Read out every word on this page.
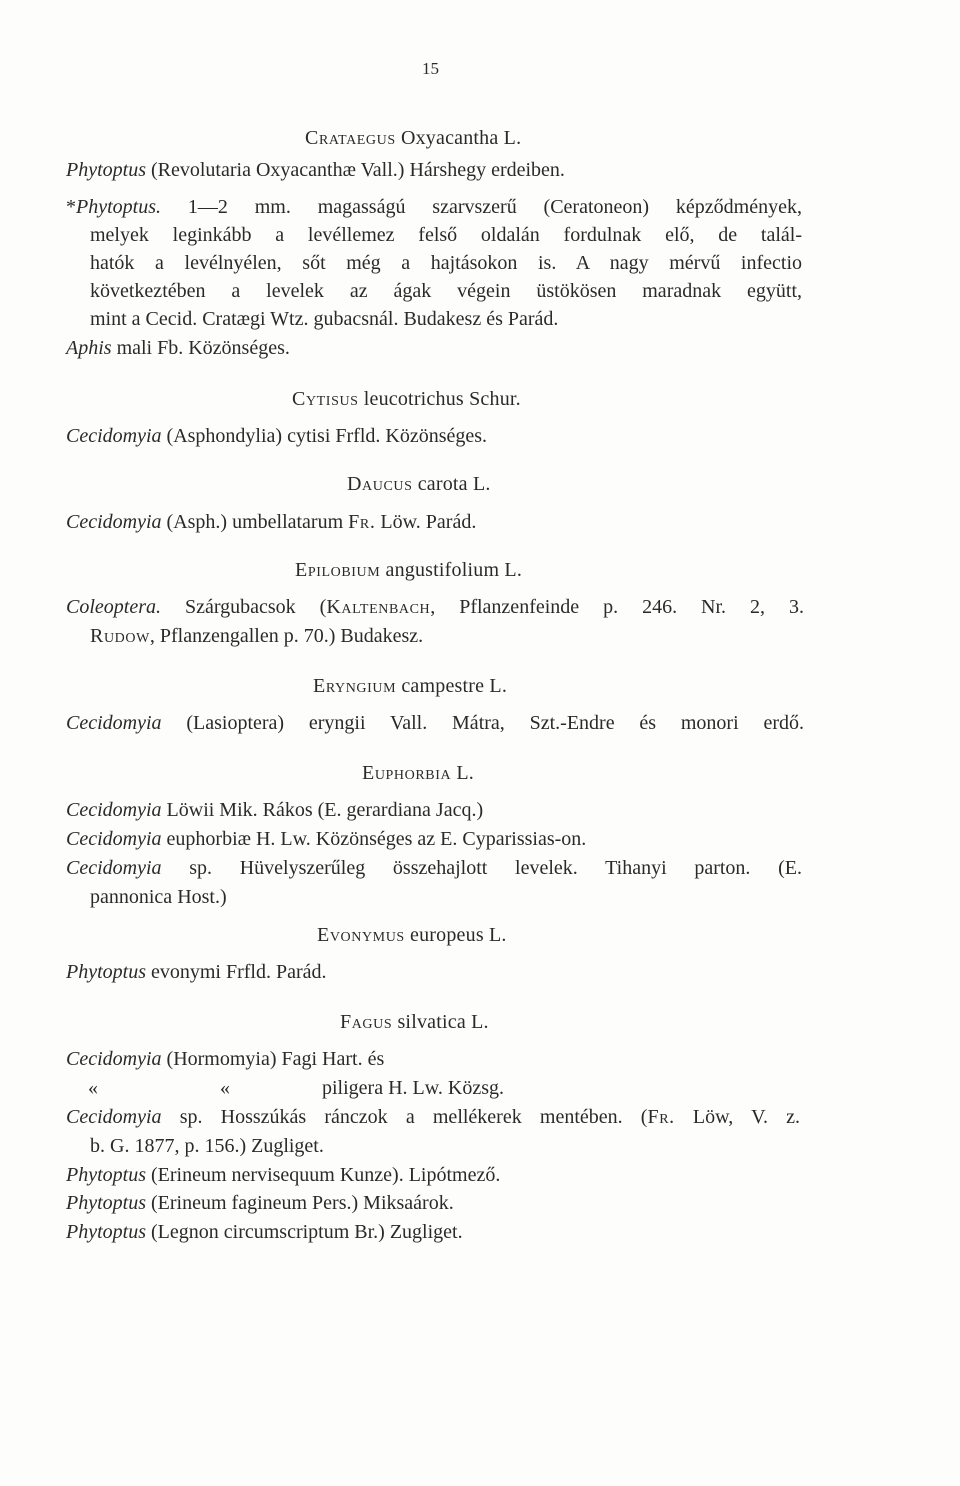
15
Crataegus Oxyacantha L.
Phytoptus (Revolutaria Oxyacanthæ Vall.) Hárshegy erdeiben.
*Phytoptus. 1—2 mm. magasságú szarvszerű (Ceratoneon) képződmények,
melyek leginkább a levéllemez felső oldalán fordulnak elő, de talál-
hatók a levélnyélen, sőt még a hajtásokon is. A nagy mérvű infectio
következtében a levelek az ágak végein üstökösen maradnak együtt,
mint a Cecid. Cratægi Wtz. gubacsnál. Budakesz és Parád.
Aphis mali Fb. Közönséges.
Cytisus leucotrichus Schur.
Cecidomyia (Asphondylia) cytisi Frfld. Közönséges.
Daucus carota L.
Cecidomyia (Asph.) umbellatarum Fr. Löw. Parád.
Epilobium angustifolium L.
Coleoptera. Szárgubacsok (Kaltenbach, Pflanzenfeinde p. 246. Nr. 2, 3.
Rudow, Pflanzengallen p. 70.) Budakesz.
Eryngium campestre L.
Cecidomyia (Lasioptera) eryngii Vall. Mátra, Szt.-Endre és monori erdő.
Euphorbia L.
Cecidomyia Löwii Mik. Rákos (E. gerardiana Jacq.)
Cecidomyia euphorbiæ H. Lw. Közönséges az E. Cyparissias-on.
Cecidomyia sp. Hüvelyszerűleg összehajlott levelek. Tihanyi parton. (E.
pannonica Host.)
Evonymus europeus L.
Phytoptus evonymi Frfld. Parád.
Fagus silvatica L.
Cecidomyia (Hormomyia) Fagi Hart. és
«	«	piligera H. Lw. Közsg.
Cecidomyia sp. Hosszúkás ránczok a mellékerek mentében. (Fr. Löw, V. z.
b. G. 1877, p. 156.) Zugliget.
Phytoptus (Erineum nervisequum Kunze). Lipótmező.
Phytoptus (Erineum fagineum Pers.) Miksaárok.
Phytoptus (Legnon circumscriptum Br.) Zugliget.
